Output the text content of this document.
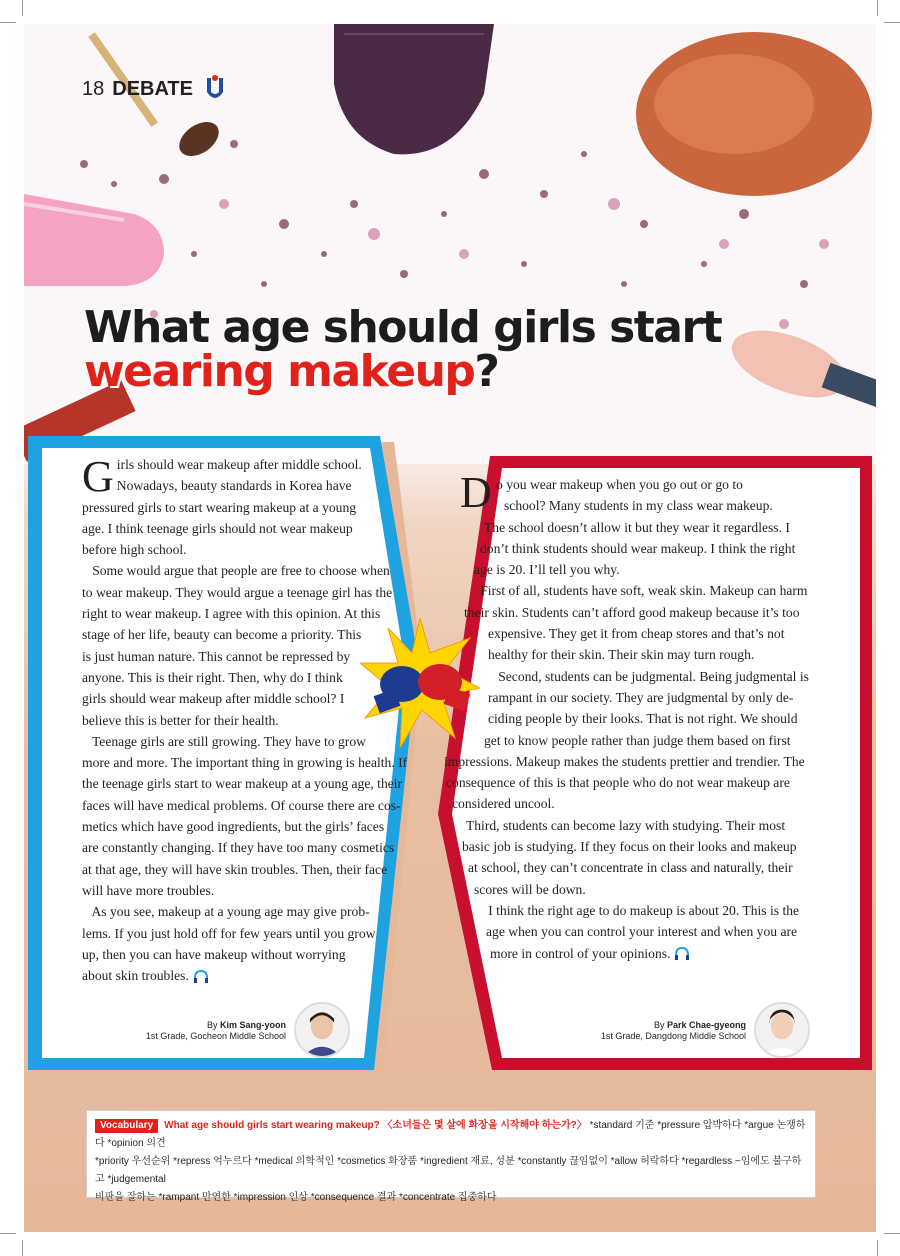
18 DEBATE
What age should girls start
wearing makeup?
G irls should wear makeup after middle school.
Nowadays, beauty standards in Korea have
pressured girls to start wearing makeup at a young
age. I think teenage girls should not wear makeup
before high school.
Some would argue that people are free to choose when
to wear makeup. They would argue a teenage girl has the
right to wear makeup. I agree with this opinion. At this
stage of her life, beauty can become a priority. This
is just human nature. This cannot be repressed by
anyone. This is their right. Then, why do I think
girls should wear makeup after middle school? I
believe this is better for their health.
Teenage girls are still growing. They have to grow
more and more. The important thing in growing is health. If
the teenage girls start to wear makeup at a young age, their
faces will have medical problems. Of course there are cos-
metics which have good ingredients, but the girls’ faces
are constantly changing. If they have too many cosmetics
at that age, they will have skin troubles. Then, their face
will have more troubles.
As you see, makeup at a young age may give prob-
lems. If you just hold off for few years until you grow
up, then you can have makeup without worrying
about skin troubles.
By Kim Sang-yoon
1st Grade, Gocheon Middle School
Do you wear makeup when you go out or go to
school? Many students in my class wear makeup.
The school doesn’t allow it but they wear it regardless. I
don’t think students should wear makeup. I think the right
age is 20. I’ll tell you why.
First of all, students have soft, weak skin. Makeup can harm
their skin. Students can’t afford good makeup because it’s too
expensive. They get it from cheap stores and that’s not
healthy for their skin. Their skin may turn rough.
Second, students can be judgmental. Being judgmental is
rampant in our society. They are judgmental by only de-
ciding people by their looks. That is not right. We should
get to know people rather than judge them based on first
impressions. Makeup makes the students prettier and trendier. The
consequence of this is that people who do not wear makeup are
considered uncool.
Third, students can become lazy with studying. Their most
basic job is studying. If they focus on their looks and makeup
at school, they can’t concentrate in class and naturally, their
scores will be down.
I think the right age to do makeup is about 20. This is the
age when you can control your interest and when you are
more in control of your opinions.
By Park Chae-gyeong
1st Grade, Dangdong Middle School
Vocabulary What age should girls start wearing makeup? 〈소녀들은 몇 살에 화장을 시작해야 하는가?〉 *standard 기준 *pressure 압박하다 *argue 논쟁하다 *opinion 의견
*priority 우선순위 *repress 억누르다 *medical 의학적인 *cosmetics 화장품 *ingredient 재료, 성분 *constantly 끊임없이 *allow 허락하다 *regardless ~임에도 불구하고 *judgemental
비판을 잘하는 *rampant 만연한 *impression 인상 *consequence 결과 *concentrate 집중하다
